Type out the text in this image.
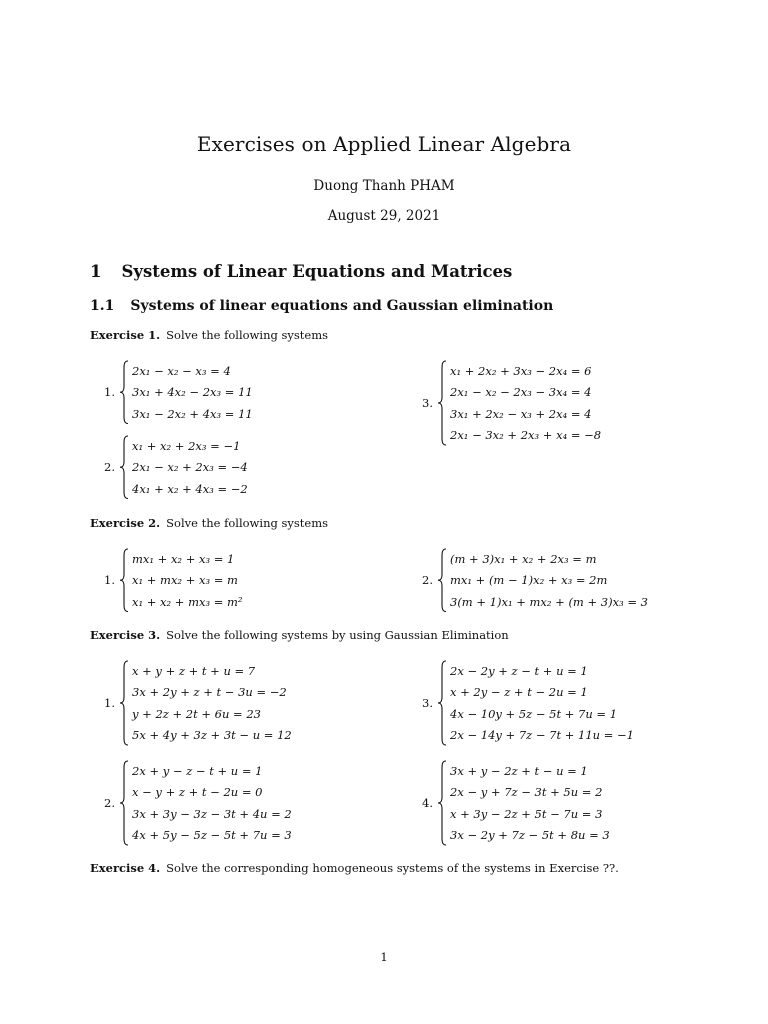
Exercises on Applied Linear Algebra
Duong Thanh PHAM
August 29, 2021
1 Systems of Linear Equations and Matrices
1.1 Systems of linear equations and Gaussian elimination
Exercise 1. Solve the following systems
1.
2x₁ − x₂ − x₃ = 4
3x₁ + 4x₂ − 2x₃ = 11
3x₁ − 2x₂ + 4x₃ = 11
2.
x₁ + x₂ + 2x₃ = −1
2x₁ − x₂ + 2x₃ = −4
4x₁ + x₂ + 4x₃ = −2
3.
x₁ + 2x₂ + 3x₃ − 2x₄ = 6
2x₁ − x₂ − 2x₃ − 3x₄ = 4
3x₁ + 2x₂ − x₃ + 2x₄ = 4
2x₁ − 3x₂ + 2x₃ + x₄ = −8
Exercise 2. Solve the following systems
1.
mx₁ + x₂ + x₃ = 1
x₁ + mx₂ + x₃ = m
x₁ + x₂ + mx₃ = m²
2.
(m + 3)x₁ + x₂ + 2x₃ = m
mx₁ + (m − 1)x₂ + x₃ = 2m
3(m + 1)x₁ + mx₂ + (m + 3)x₃ = 3
Exercise 3. Solve the following systems by using Gaussian Elimination
1.
x + y + z + t + u = 7
3x + 2y + z + t − 3u = −2
y + 2z + 2t + 6u = 23
5x + 4y + 3z + 3t − u = 12
2.
2x + y − z − t + u = 1
x − y + z + t − 2u = 0
3x + 3y − 3z − 3t + 4u = 2
4x + 5y − 5z − 5t + 7u = 3
3.
2x − 2y + z − t + u = 1
x + 2y − z + t − 2u = 1
4x − 10y + 5z − 5t + 7u = 1
2x − 14y + 7z − 7t + 11u = −1
4.
3x + y − 2z + t − u = 1
2x − y + 7z − 3t + 5u = 2
x + 3y − 2z + 5t − 7u = 3
3x − 2y + 7z − 5t + 8u = 3
Exercise 4. Solve the corresponding homogeneous systems of the systems in Exercise ??.
1
